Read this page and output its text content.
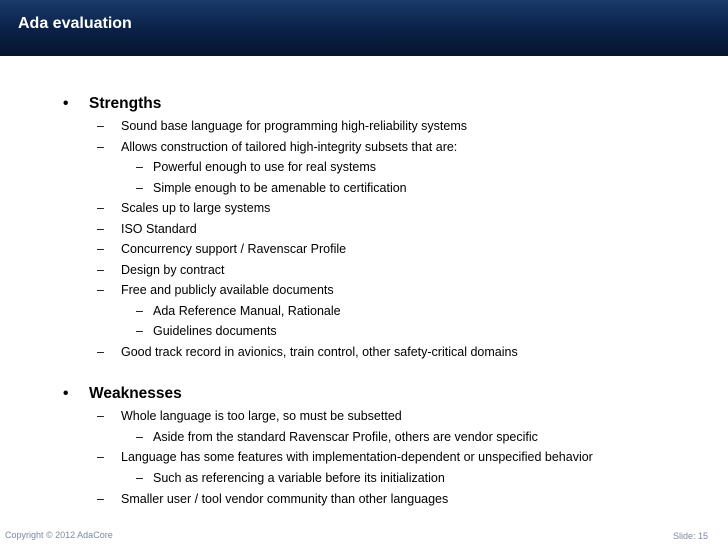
Ada evaluation
• Strengths
– Sound base language for programming high-reliability systems
– Allows construction of tailored high-integrity subsets that are:
– Powerful enough to use for real systems
– Simple enough to be amenable to certification
– Scales up to large systems
– ISO Standard
– Concurrency support / Ravenscar Profile
– Design by contract
– Free and publicly available documents
– Ada Reference Manual, Rationale
– Guidelines documents
– Good track record in avionics, train control, other safety-critical domains
• Weaknesses
– Whole language is too large, so must be subsetted
– Aside from the standard Ravenscar Profile, others are vendor specific
– Language has some features with implementation-dependent or unspecified behavior
– Such as referencing a variable before its initialization
– Smaller user / tool vendor community than other languages
Copyright © 2012 AdaCore	Slide: 15
